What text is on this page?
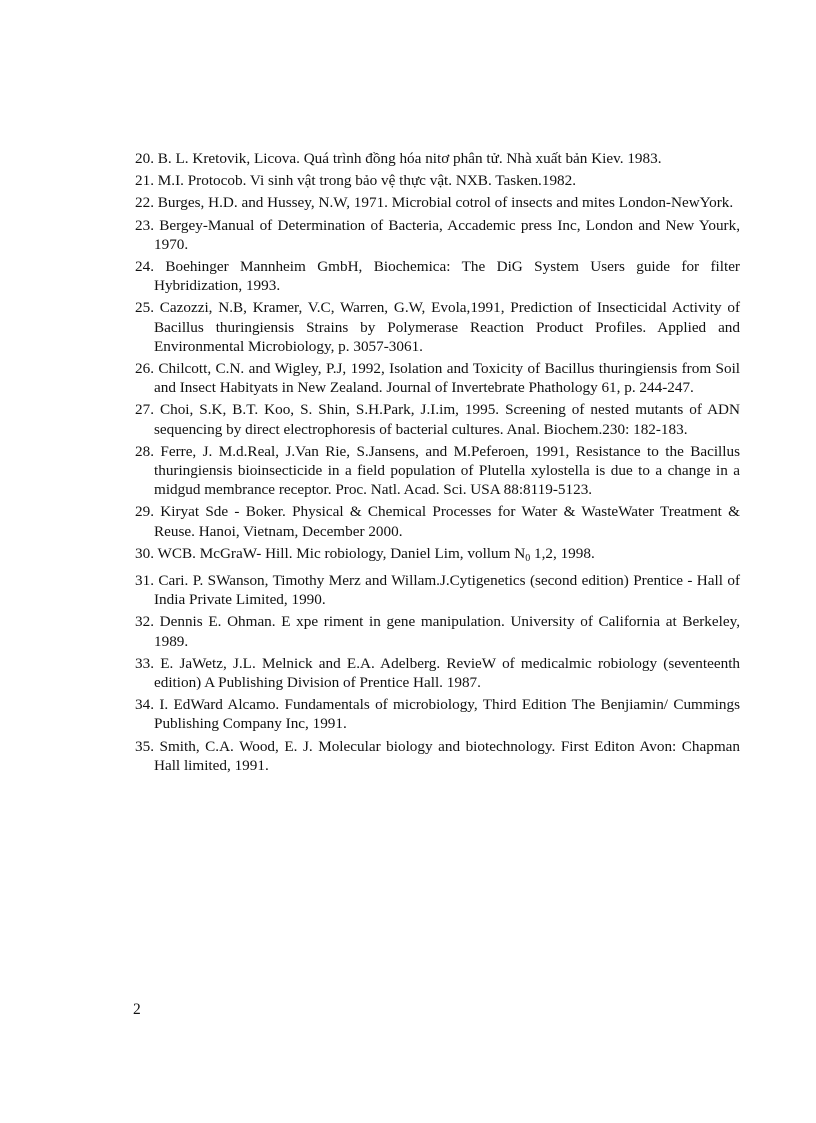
20. B. L. Kretovik, Licova. Quá trình đồng hóa nitơ phân tử. Nhà xuất bản Kiev. 1983.
21. M.I. Protocob. Vi sinh vật trong bảo vệ thực vật. NXB. Tasken.1982.
22. Burges, H.D. and Hussey, N.W, 1971. Microbial cotrol of insects and mites London-NewYork.
23. Bergey-Manual of Determination of Bacteria, Accademic press Inc, London and New Yourk, 1970.
24. Boehinger Mannheim GmbH, Biochemica: The DiG System Users guide for filter Hybridization, 1993.
25. Cazozzi, N.B, Kramer, V.C, Warren, G.W, Evola,1991, Prediction of Insecticidal Activity of Bacillus thuringiensis Strains by Polymerase Reaction Product Profiles. Applied and Environmental Microbiology, p. 3057-3061.
26. Chilcott, C.N. and Wigley, P.J, 1992, Isolation and Toxicity of Bacillus thuringiensis from Soil and Insect Habityats in New Zealand. Journal of Invertebrate Phathology 61, p. 244-247.
27. Choi, S.K, B.T. Koo, S. Shin, S.H.Park, J.I.im, 1995. Screening of nested mutants of ADN sequencing by direct electrophoresis of bacterial cultures. Anal. Biochem.230: 182-183.
28. Ferre, J. M.d.Real, J.Van Rie, S.Jansens, and M.Peferoen, 1991, Resistance to the Bacillus thuringiensis bioinsecticide in a field population of Plutella xylostella is due to a change in a midgud membrance receptor. Proc. Natl. Acad. Sci. USA 88:8119-5123.
29. Kiryat Sde - Boker. Physical & Chemical Processes for Water & WasteWater Treatment & Reuse. Hanoi, Vietnam, December 2000.
30. WCB. McGraW- Hill. Mic robiology, Daniel Lim, vollum $N_0$ 1,2, 1998.
31. Cari. P. SWanson, Timothy Merz and Willam.J.Cytigenetics (second edition) Prentice - Hall of India Private Limited, 1990.
32. Dennis E. Ohman. E xpe riment in gene manipulation. University of California at Berkeley, 1989.
33. E. JaWetz, J.L. Melnick and E.A. Adelberg. RevieW of medicalmic robiology (seventeenth edition) A Publishing Division of Prentice Hall. 1987.
34. I. EdWard Alcamo. Fundamentals of microbiology, Third Edition The Benjiamin/ Cummings Publishing Company Inc, 1991.
35. Smith, C.A. Wood, E. J. Molecular biology and biotechnology. First Editon Avon: Chapman Hall limited, 1991.
2
